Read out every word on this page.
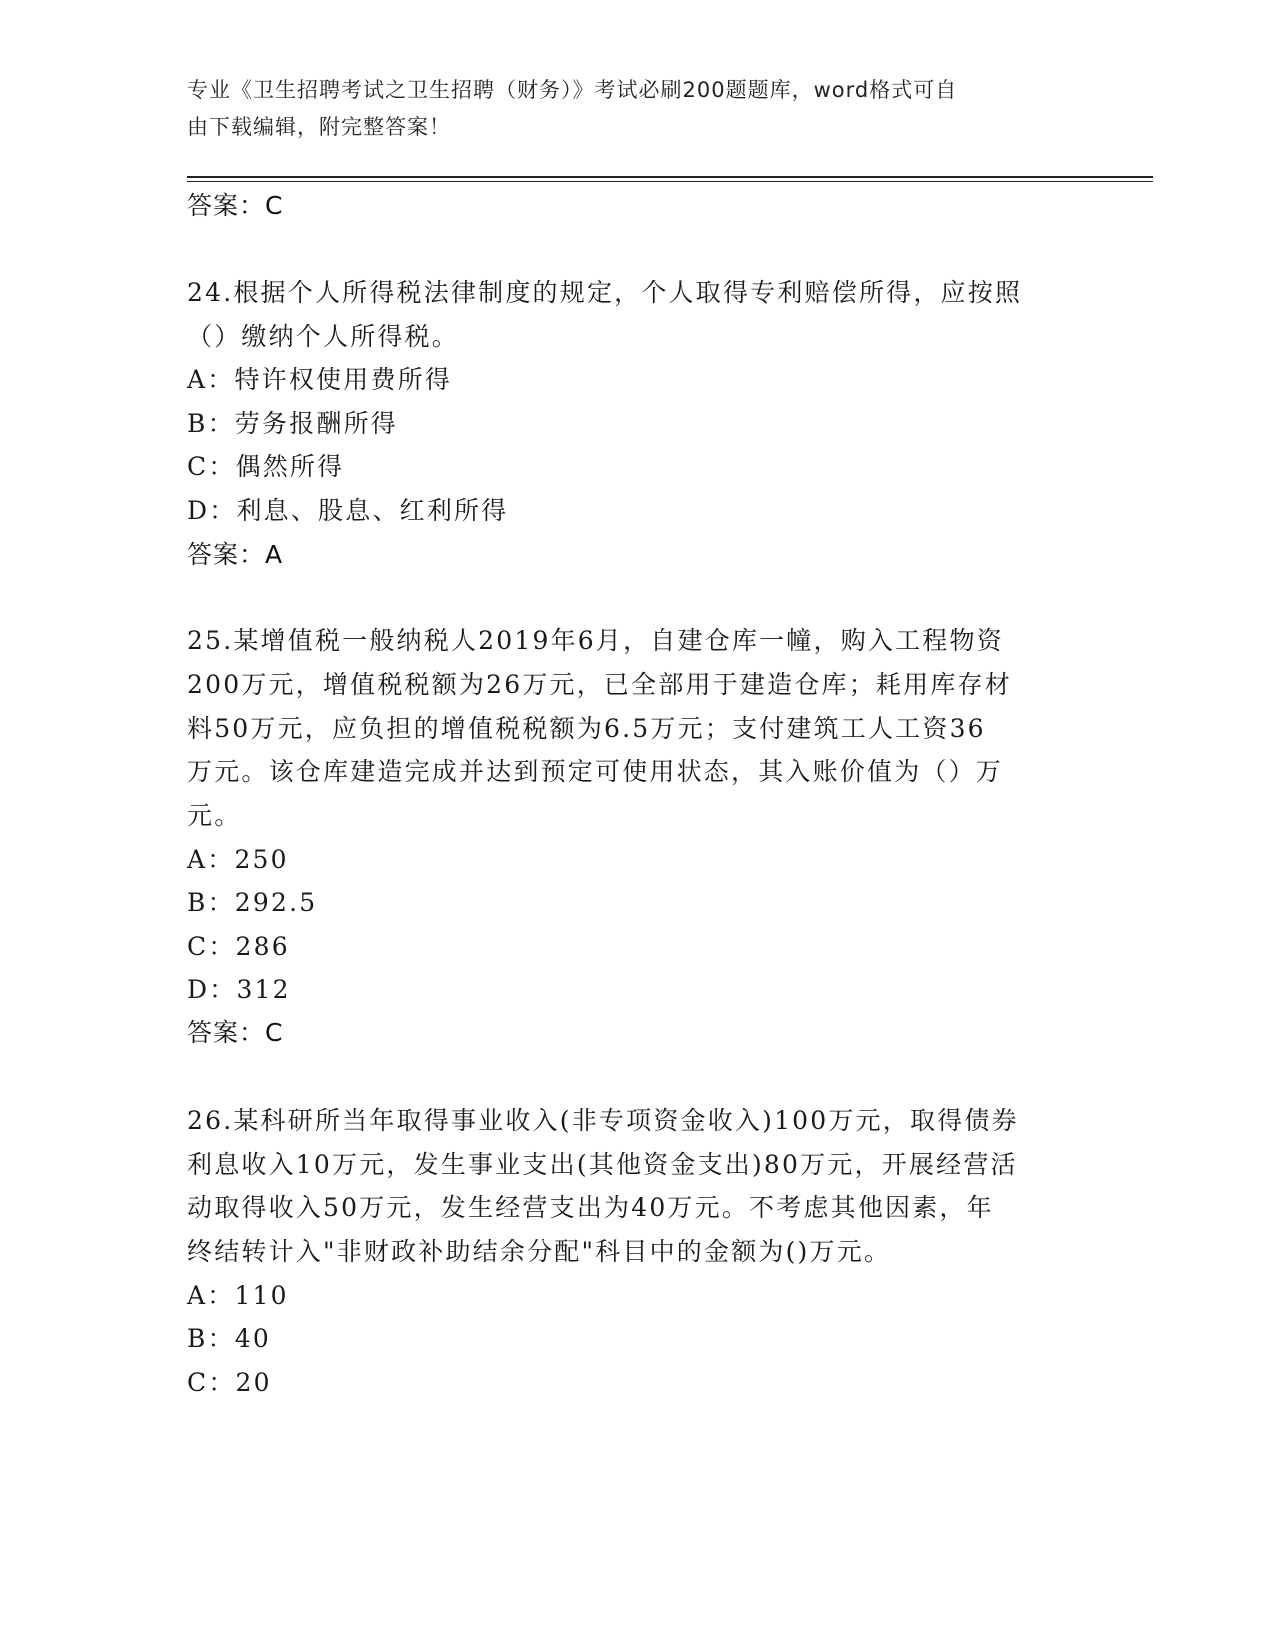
专业《卫生招聘考试之卫生招聘（财务）》考试必刷200题题库，word格式可自
由下载编辑，附完整答案！
答案：C
24.根据个人所得税法律制度的规定，个人取得专利赔偿所得，应按照
（）缴纳个人所得税。
A：特许权使用费所得
B：劳务报酬所得
C：偶然所得
D：利息、股息、红利所得
答案：A
25.某增值税一般纳税人2019年6月，自建仓库一幢，购入工程物资
200万元，增值税税额为26万元，已全部用于建造仓库；耗用库存材
料50万元，应负担的增值税税额为6.5万元；支付建筑工人工资36
万元。该仓库建造完成并达到预定可使用状态，其入账价值为（）万
元。
A：250
B：292.5
C：286
D：312
答案：C
26.某科研所当年取得事业收入(非专项资金收入)100万元，取得债券
利息收入10万元，发生事业支出(其他资金支出)80万元，开展经营活
动取得收入50万元，发生经营支出为40万元。不考虑其他因素，年
终结转计入"非财政补助结余分配"科目中的金额为()万元。
A：110
B：40
C：20
